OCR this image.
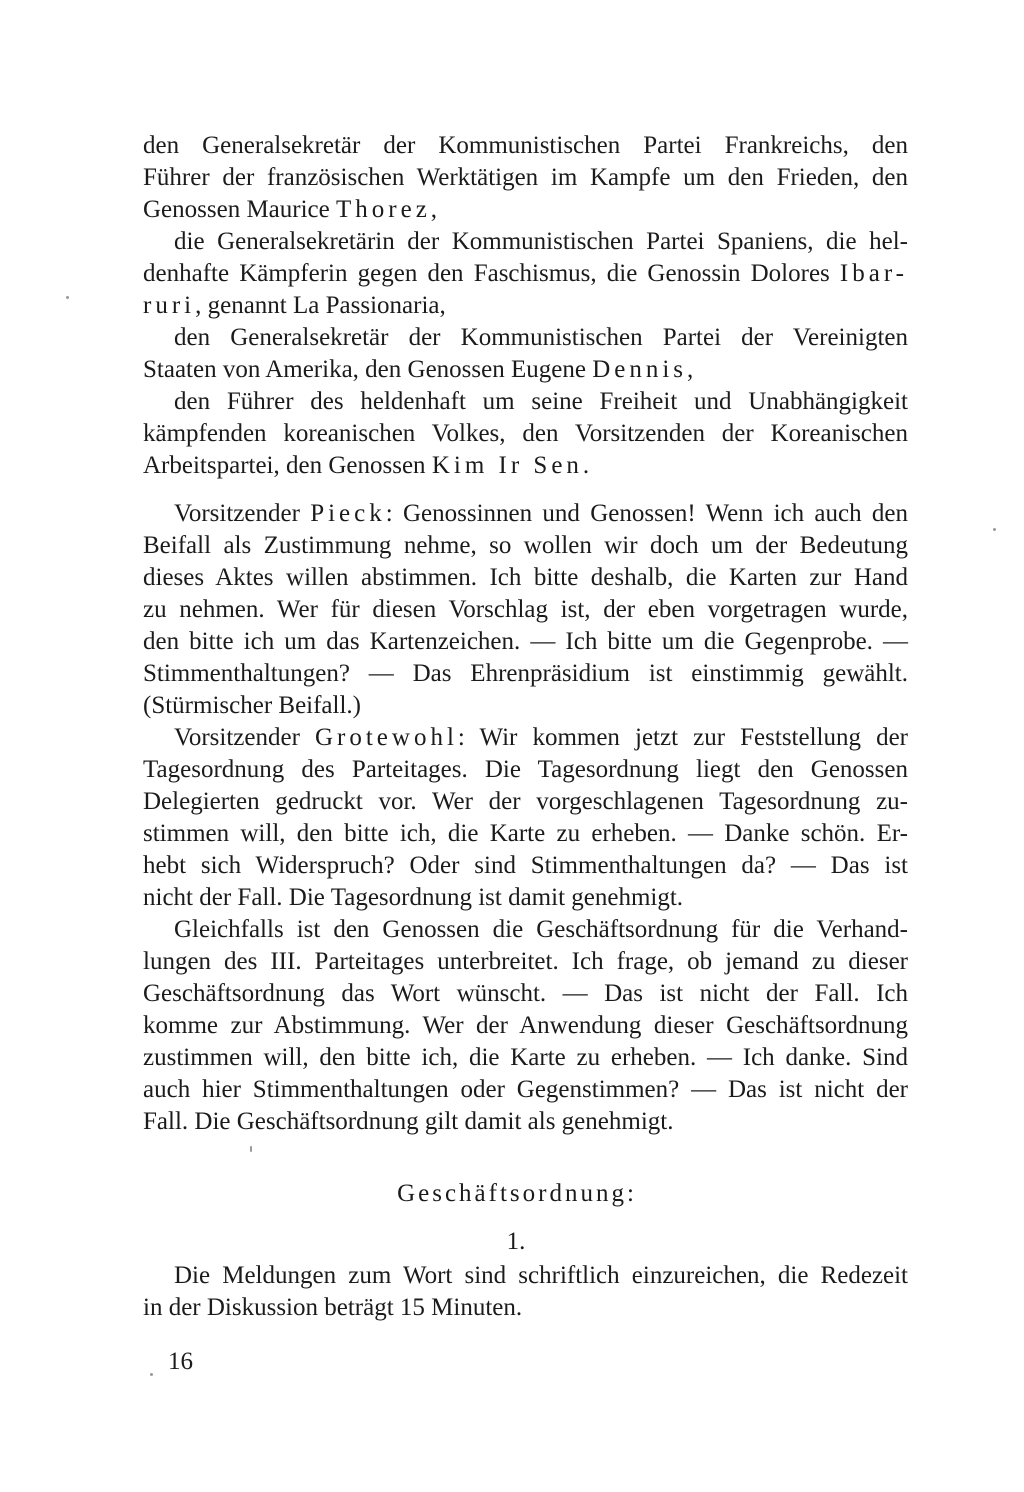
den Generalsekretär der Kommunistischen Partei Frankreichs, den
Führer der französischen Werktätigen im Kampfe um den Frieden, den
Genossen Maurice Thorez,
die Generalsekretärin der Kommunistischen Partei Spaniens, die hel-
denhafte Kämpferin gegen den Faschismus, die Genossin Dolores Ibar-
ruri, genannt La Passionaria,
den Generalsekretär der Kommunistischen Partei der Vereinigten
Staaten von Amerika, den Genossen Eugene Dennis,
den Führer des heldenhaft um seine Freiheit und Unabhängigkeit
kämpfenden koreanischen Volkes, den Vorsitzenden der Koreanischen
Arbeitspartei, den Genossen Kim Ir Sen.
Vorsitzender Pieck: Genossinnen und Genossen! Wenn ich auch den
Beifall als Zustimmung nehme, so wollen wir doch um der Bedeutung
dieses Aktes willen abstimmen. Ich bitte deshalb, die Karten zur Hand
zu nehmen. Wer für diesen Vorschlag ist, der eben vorgetragen wurde,
den bitte ich um das Kartenzeichen. — Ich bitte um die Gegenprobe. —
Stimmenthaltungen? — Das Ehrenpräsidium ist einstimmig gewählt.
(Stürmischer Beifall.)
Vorsitzender Grotewohl: Wir kommen jetzt zur Feststellung der
Tagesordnung des Parteitages. Die Tagesordnung liegt den Genossen
Delegierten gedruckt vor. Wer der vorgeschlagenen Tagesordnung zu-
stimmen will, den bitte ich, die Karte zu erheben. — Danke schön. Er-
hebt sich Widerspruch? Oder sind Stimmenthaltungen da? — Das ist
nicht der Fall. Die Tagesordnung ist damit genehmigt.
Gleichfalls ist den Genossen die Geschäftsordnung für die Verhand-
lungen des III. Parteitages unterbreitet. Ich frage, ob jemand zu dieser
Geschäftsordnung das Wort wünscht. — Das ist nicht der Fall. Ich
komme zur Abstimmung. Wer der Anwendung dieser Geschäftsordnung
zustimmen will, den bitte ich, die Karte zu erheben. — Ich danke. Sind
auch hier Stimmenthaltungen oder Gegenstimmen? — Das ist nicht der
Fall. Die Geschäftsordnung gilt damit als genehmigt.
Geschäftsordnung:
1.
Die Meldungen zum Wort sind schriftlich einzureichen, die Redezeit
in der Diskussion beträgt 15 Minuten.
16
